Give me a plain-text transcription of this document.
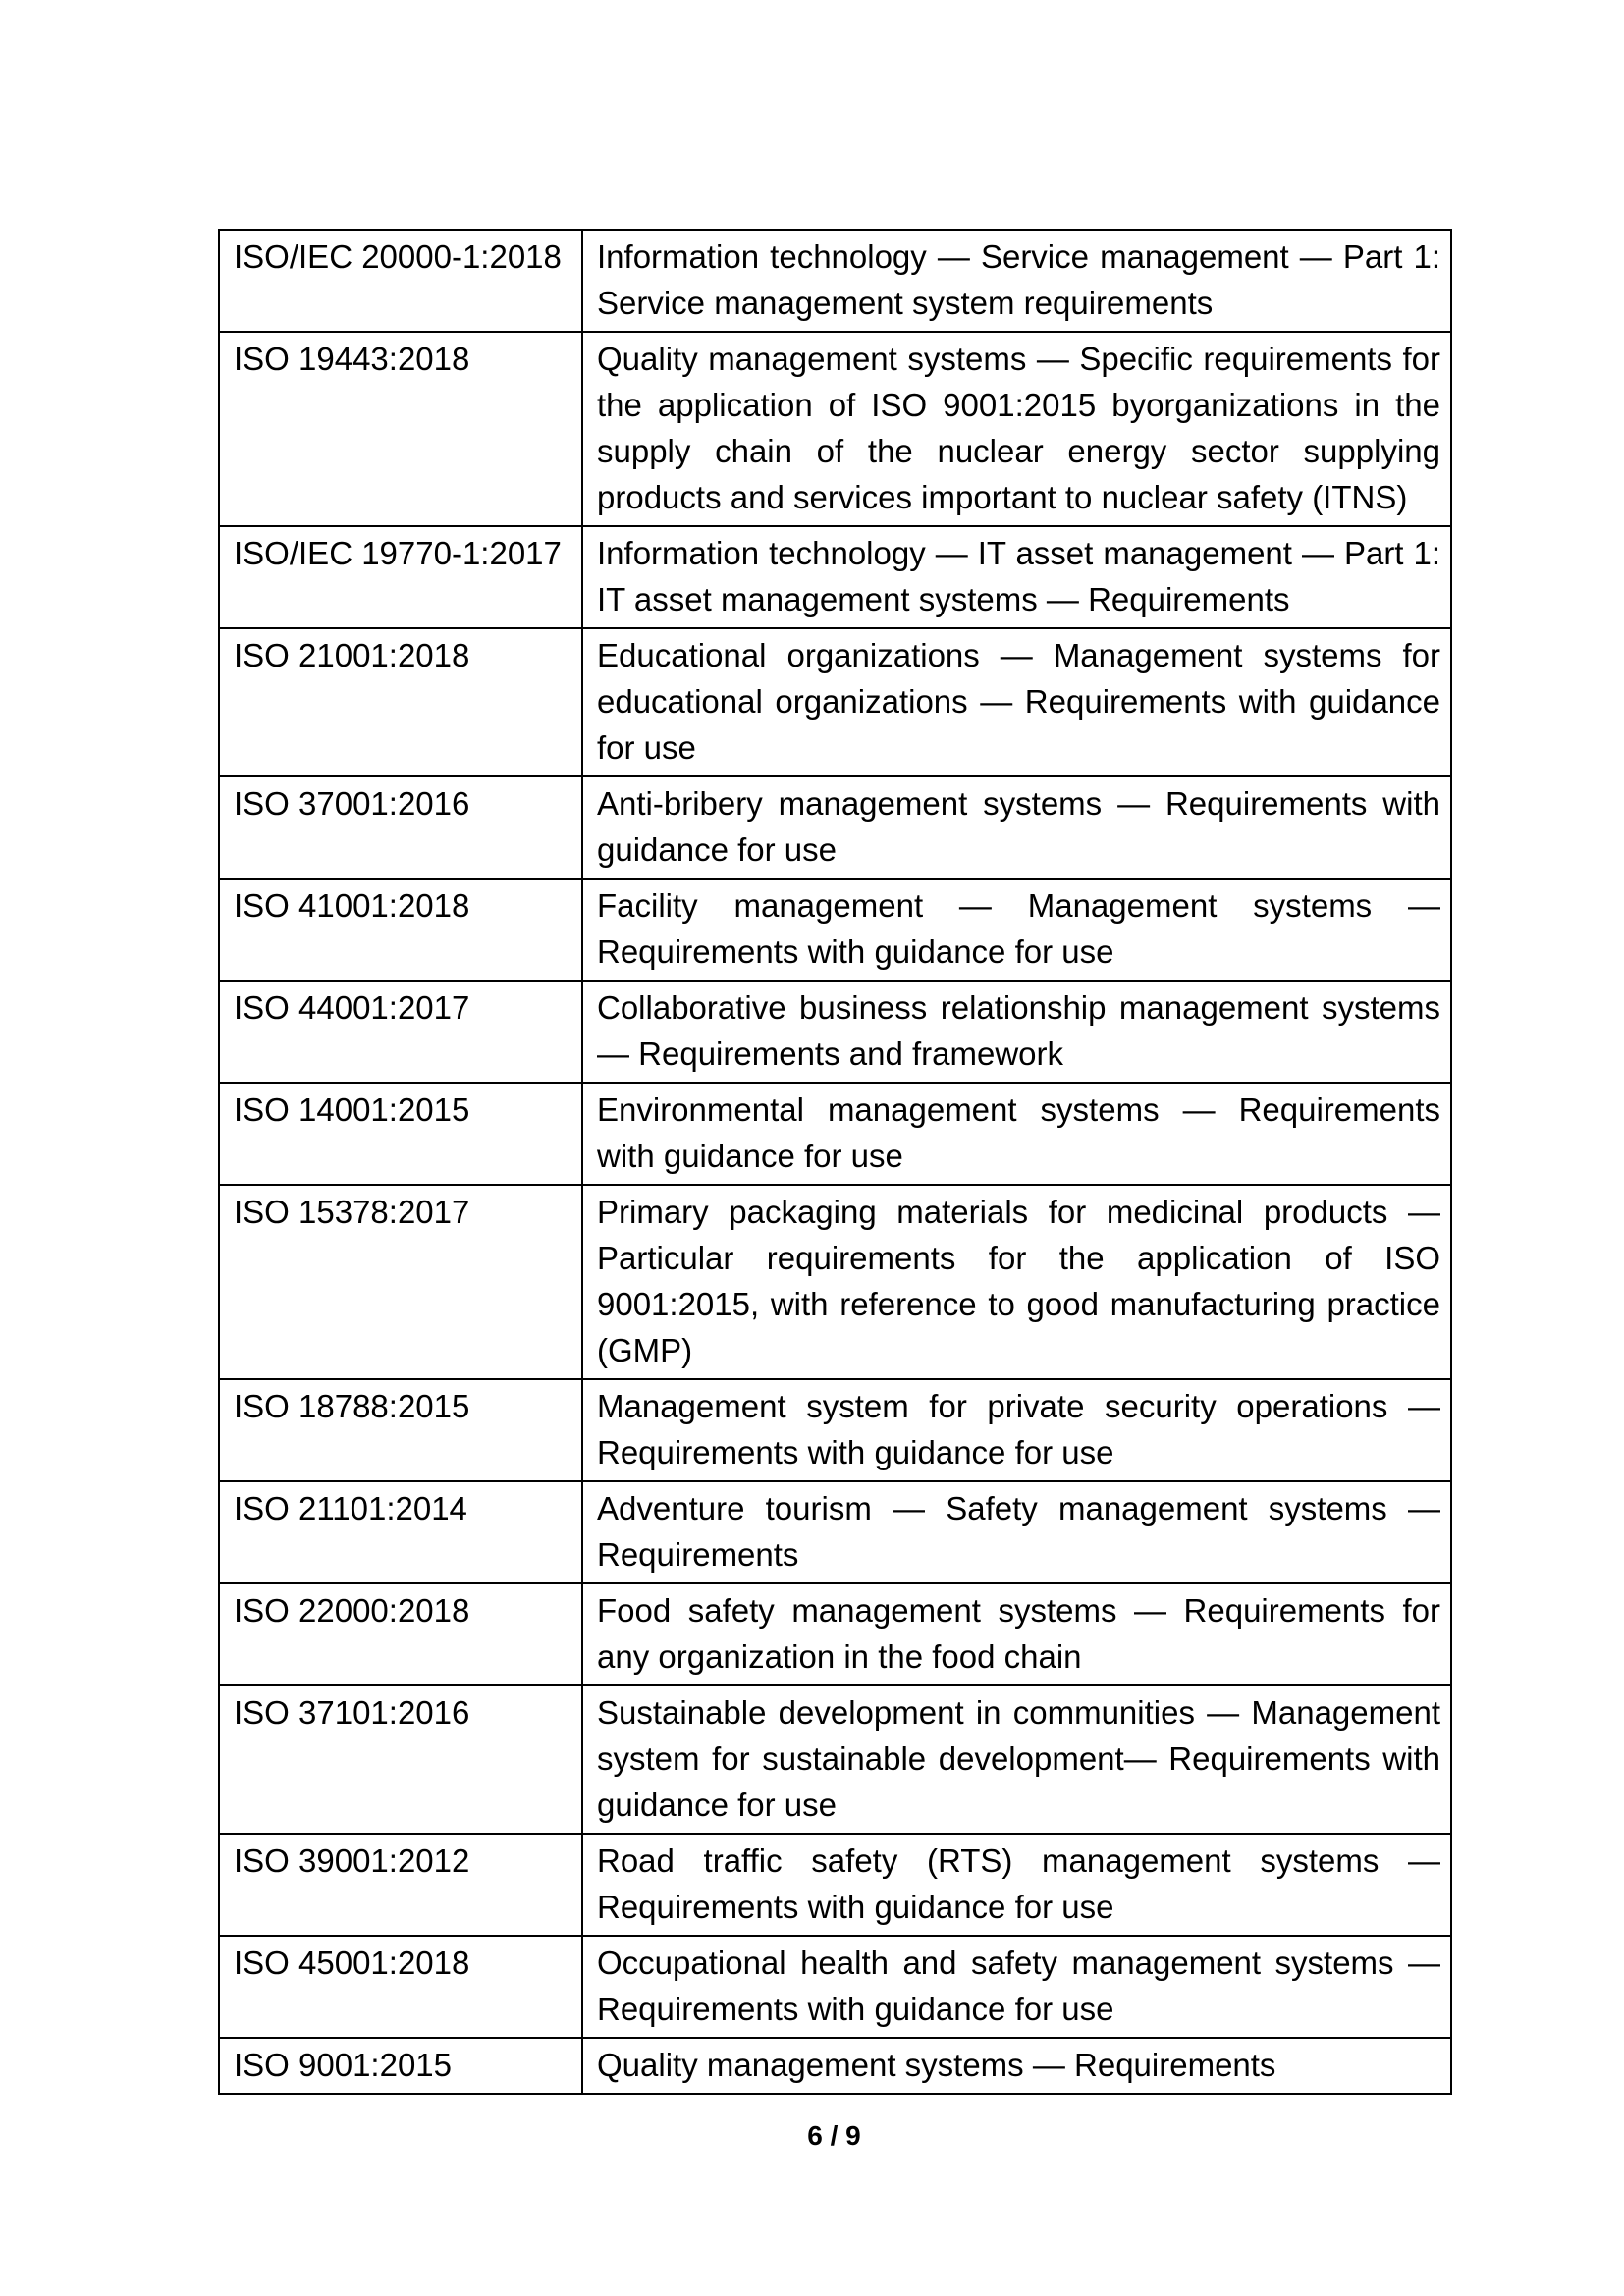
ISO/IEC 20000-1:2018	Information technology — Service management — Part 1: Service management system requirements
ISO 19443:2018	Quality management systems — Specific requirements for the application of ISO 9001:2015 byorganizations in the supply chain of the nuclear energy sector supplying products and services important to nuclear safety (ITNS)
ISO/IEC 19770-1:2017	Information technology — IT asset management — Part 1: IT asset management systems — Requirements
ISO 21001:2018	Educational organizations — Management systems for educational organizations — Requirements with guidance for use
ISO 37001:2016	Anti-bribery management systems — Requirements with guidance for use
ISO 41001:2018	Facility management — Management systems — Requirements with guidance for use
ISO 44001:2017	Collaborative business relationship management systems — Requirements and framework
ISO 14001:2015	Environmental management systems — Requirements with guidance for use
ISO 15378:2017	Primary packaging materials for medicinal products — Particular requirements for the application of ISO 9001:2015, with reference to good manufacturing practice (GMP)
ISO 18788:2015	Management system for private security operations — Requirements with guidance for use
ISO 21101:2014	Adventure tourism — Safety management systems — Requirements
ISO 22000:2018	Food safety management systems — Requirements for any organization in the food chain
ISO 37101:2016	Sustainable development in communities — Management system for sustainable development— Requirements with guidance for use
ISO 39001:2012	Road traffic safety (RTS) management systems — Requirements with guidance for use
ISO 45001:2018	Occupational health and safety management systems — Requirements with guidance for use
ISO 9001:2015	Quality management systems — Requirements
6 / 9
